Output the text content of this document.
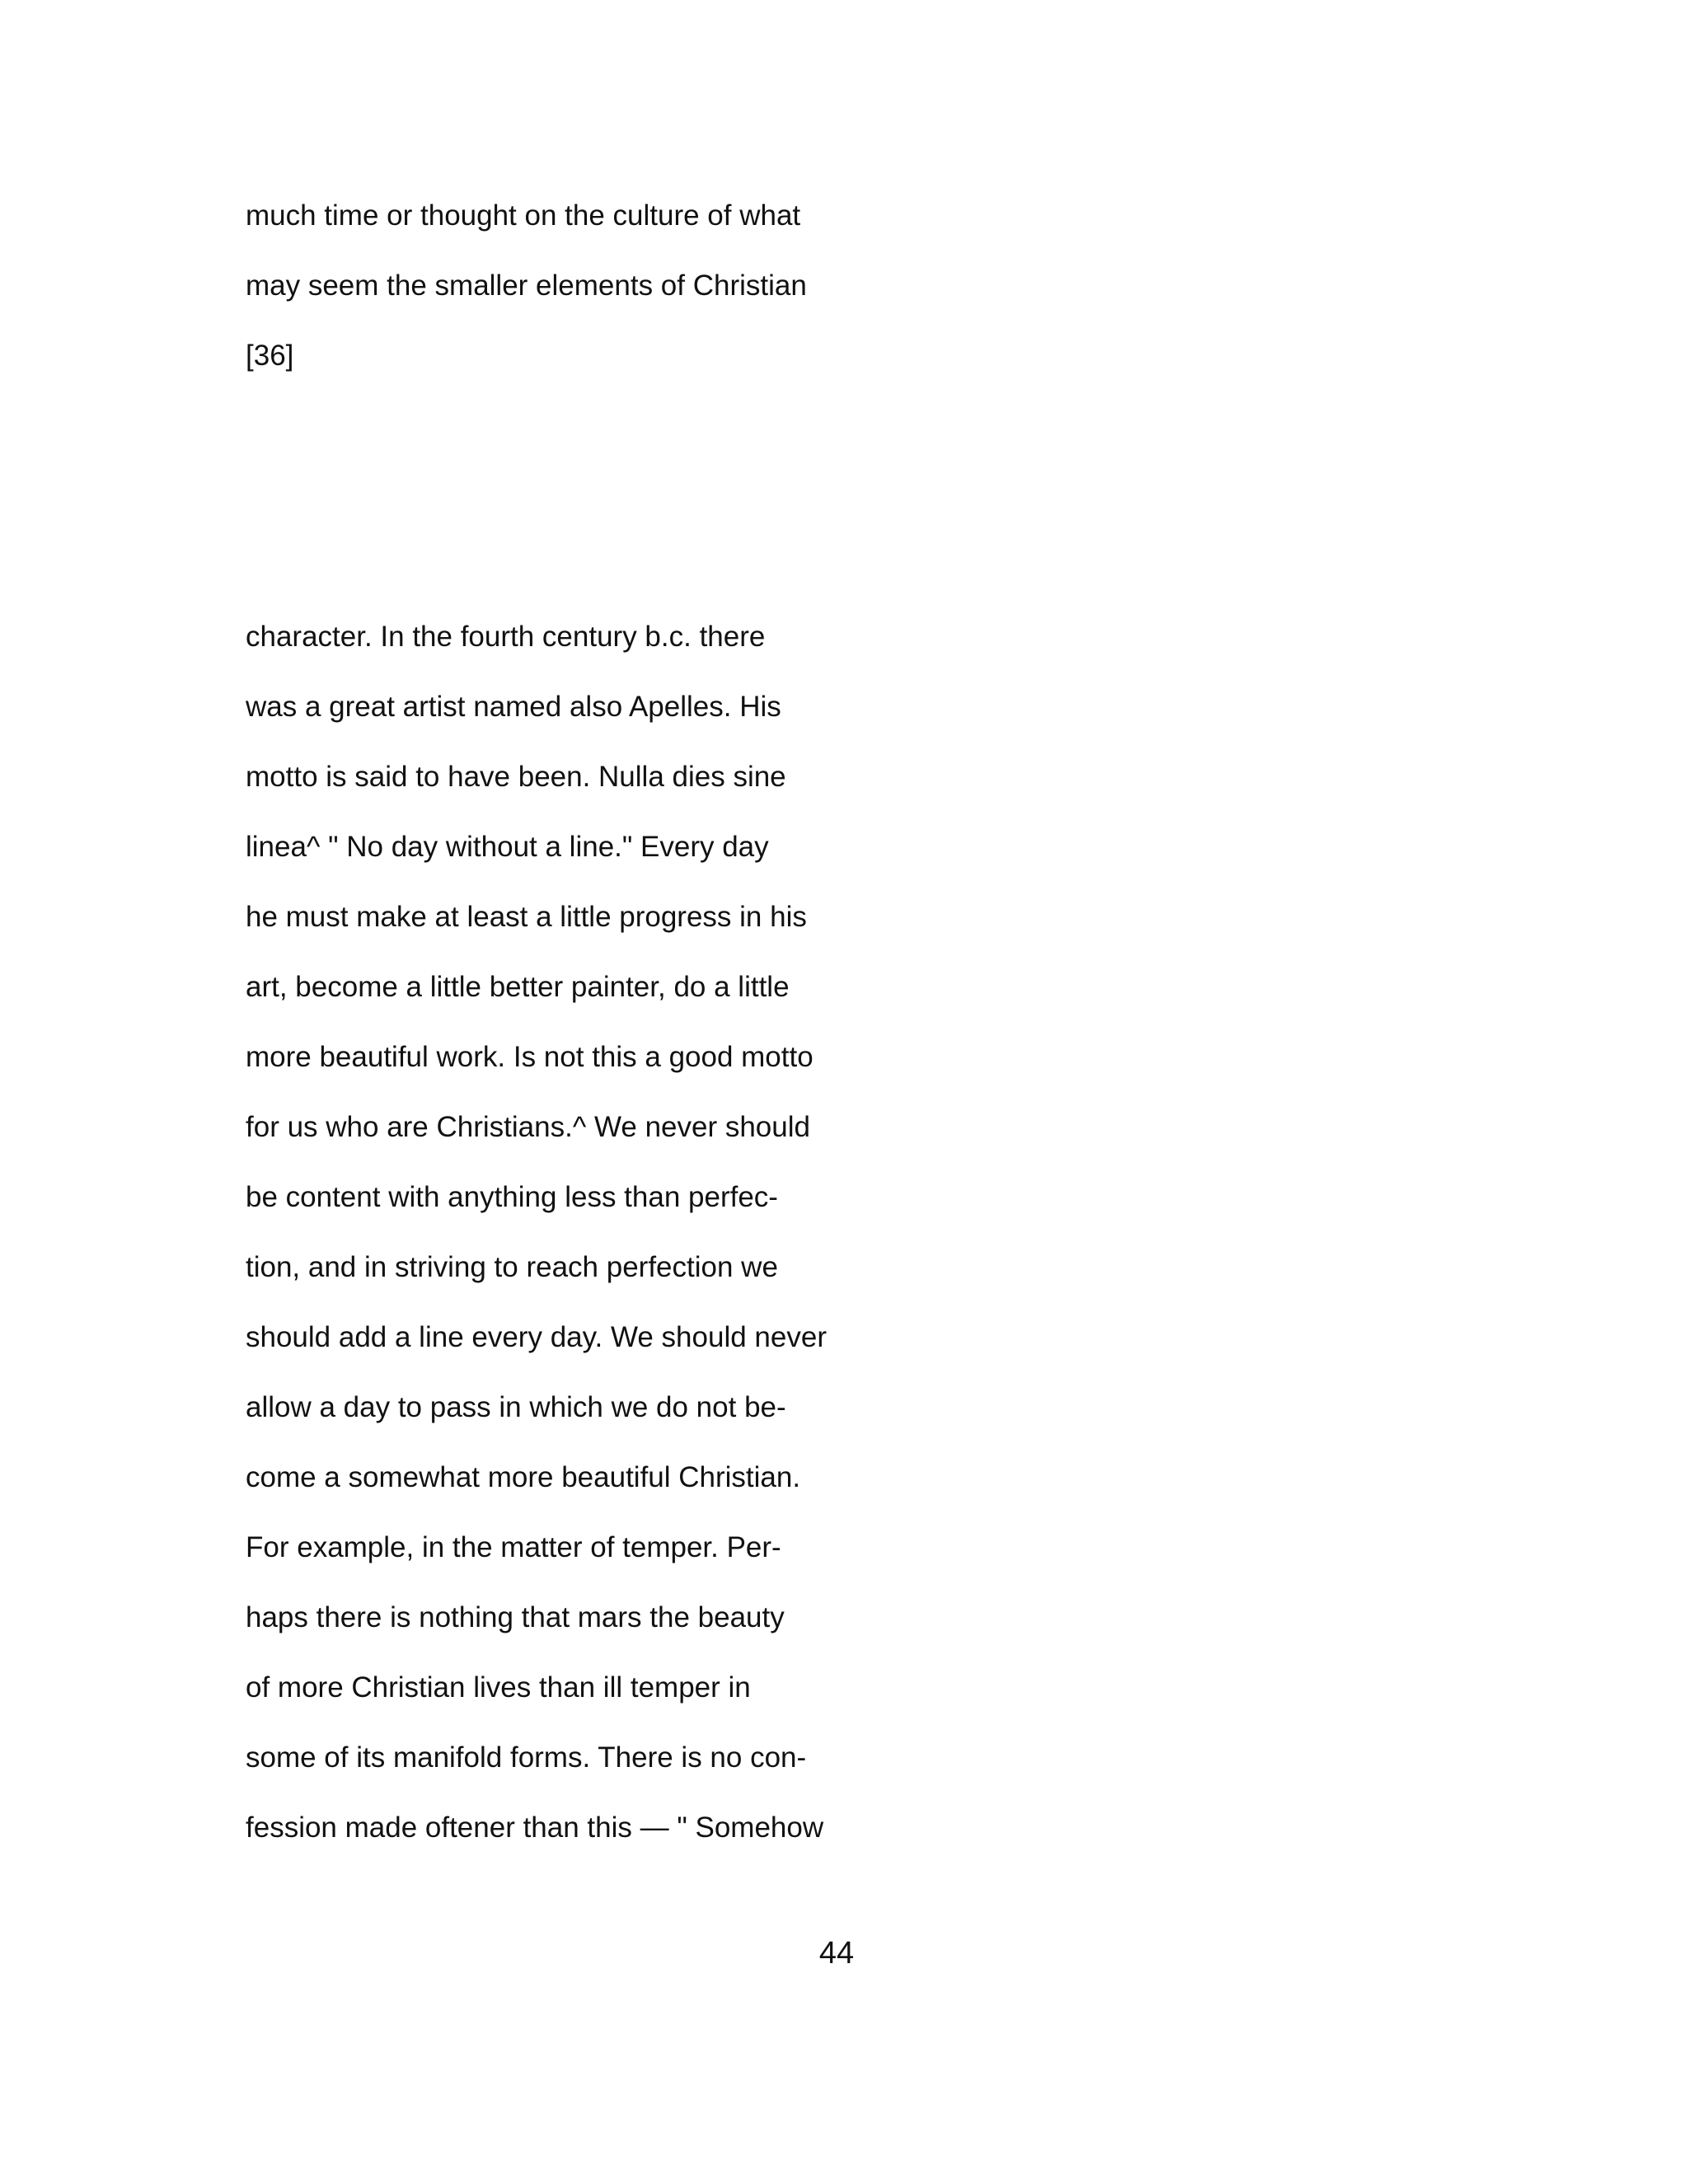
much time or thought on the culture of what
may seem the smaller elements of Christian
[36]
character. In the fourth century b.c. there
was a great artist named also Apelles. His
motto is said to have been. Nulla dies sine
linea^ " No day without a line." Every day
he must make at least a little progress in his
art, become a little better painter, do a little
more beautiful work. Is not this a good motto
for us who are Christians.^ We never should
be content with anything less than perfec-
tion, and in striving to reach perfection we
should add a line every day. We should never
allow a day to pass in which we do not be-
come a somewhat more beautiful Christian.
For example, in the matter of temper. Per-
haps there is nothing that mars the beauty
of more Christian lives than ill temper in
some of its manifold forms. There is no con-
fession made oftener than this — " Somehow
44
